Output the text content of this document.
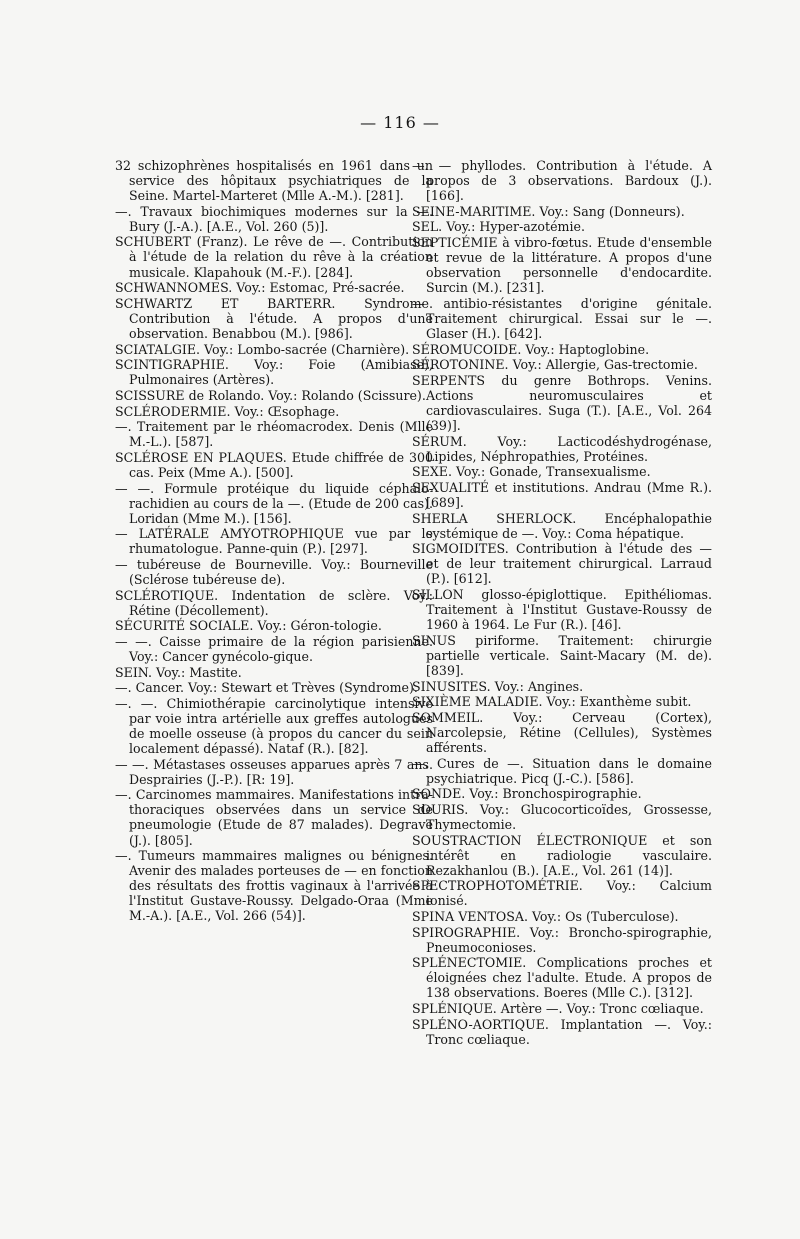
— 116 —

32 schizophrènes hospitalisés en 1961 dans un service des hôpitaux psychiatriques de la Seine. Martel-Marteret (Mlle A.-M.). [281].

—. Travaux biochimiques modernes sur la —. Bury (J.-A.). [A.E., Vol. 260 (5)].

SCHUBERT (Franz). Le rêve de —. Contribution à l'étude de la relation du rêve à la création musicale. Klapahouk (M.-F.). [284].

SCHWANNOMES. Voy.: Estomac, Pré-sacrée.

SCHWARTZ ET BARTERR. Syndrome. Contribution à l'étude. A propos d'une observation. Benabbou (M.). [986].

SCIATALGIE. Voy.: Lombo-sacrée (Charnière).

SCINTIGRAPHIE. Voy.: Foie (Amibiase), Pulmonaires (Artères).

SCISSURE de Rolando. Voy.: Rolando (Scissure).

SCLÉRODERMIE. Voy.: Œsophage.

—. Traitement par le rhéomacrodex. Denis (Mlle M.-L.). [587].

SCLÉROSE EN PLAQUES. Etude chiffrée de 300 cas. Peix (Mme A.). [500].

— —. Formule protéique du liquide céphalo-rachidien au cours de la —. (Etude de 200 cas). Loridan (Mme M.). [156].

— LATÉRALE AMYOTROPHIQUE vue par le rhumatologue. Panne-quin (P.). [297].

— tubéreuse de Bourneville. Voy.: Bourneville (Sclérose tubéreuse de).

SCLÉROTIQUE. Indentation de sclère. Voy.: Rétine (Décollement).

SÉCURITÉ SOCIALE. Voy.: Géron-tologie.

— —. Caisse primaire de la région parisienne. Voy.: Cancer gynécolo-gique.

SEIN. Voy.: Mastite.

—. Cancer. Voy.: Stewart et Trèves (Syndrome).

—. —. Chimiothérapie carcinolytique intensive par voie intra artérielle aux greffes autologues de moelle osseuse (à propos du cancer du sein localement dépassé). Nataf (R.). [82].

— —. Métastases osseuses apparues après 7 ans. Desprairies (J.-P.). [R: 19].

—. Carcinomes mammaires. Manifestations intra-thoraciques observées dans un service de pneumologie (Etude de 87 malades). Degrave (J.). [805].

—. Tumeurs mammaires malignes ou bénignes. Avenir des malades porteuses de — en fonction des résultats des frottis vaginaux à l'arrivée à l'Institut Gustave-Roussy. Delgado-Oraa (Mme M.-A.). [A.E., Vol. 266 (54)].

—. — phyllodes. Contribution à l'étude. A propos de 3 observations. Bardoux (J.). [166].

SEINE-MARITIME. Voy.: Sang (Donneurs).

SEL. Voy.: Hyper-azotémie.

SEPTICÉMIE à vibro-fœtus. Etude d'ensemble et revue de la littérature. A propos d'une observation personnelle d'endocardite. Surcin (M.). [231].

— antibio-résistantes d'origine génitale. Traitement chirurgical. Essai sur le —. Glaser (H.). [642].

SÉROMUCOIDE. Voy.: Haptoglobine.

SÉROTONINE. Voy.: Allergie, Gas-trectomie.

SERPENTS du genre Bothrops. Venins. Actions neuromusculaires et cardiovasculaires. Suga (T.). [A.E., Vol. 264 (39)].

SÉRUM. Voy.: Lacticodéshydrogénase, Lipides, Néphropathies, Protéines.

SEXE. Voy.: Gonade, Transexualisme.

SEXUALITÉ et institutions. Andrau (Mme R.). [689].

SHERLA SHERLOCK. Encéphalopathie systémique de —. Voy.: Coma hépatique.

SIGMOIDITES. Contribution à l'étude des — et de leur traitement chirurgical. Larraud (P.). [612].

SILLON glosso-épiglottique. Epithéliomas. Traitement à l'Institut Gustave-Roussy de 1960 à 1964. Le Fur (R.). [46].

SINUS piriforme. Traitement: chirurgie partielle verticale. Saint-Macary (M. de). [839].

SINUSITES. Voy.: Angines.

SIXIÈME MALADIE. Voy.: Exanthème subit.

SOMMEIL. Voy.: Cerveau (Cortex), Narcolepsie, Rétine (Cellules), Systèmes afférents.

—. Cures de —. Situation dans le domaine psychiatrique. Picq (J.-C.). [586].

SONDE. Voy.: Bronchospirographie.

SOURIS. Voy.: Glucocorticoïdes, Grossesse, Thymectomie.

SOUSTRACTION ÉLECTRONIQUE et son intérêt en radiologie vasculaire. Rezakhanlou (B.). [A.E., Vol. 261 (14)].

SPECTROPHOTOMÉTRIE. Voy.: Calcium ionisé.

SPINA VENTOSA. Voy.: Os (Tuberculose).

SPIROGRAPHIE. Voy.: Broncho-spirographie, Pneumoconioses.

SPLÉNECTOMIE. Complications proches et éloignées chez l'adulte. Etude. A propos de 138 observations. Boeres (Mlle C.). [312].

SPLÉNIQUE. Artère —. Voy.: Tronc cœliaque.

SPLÉNO-AORTIQUE. Implantation —. Voy.: Tronc cœliaque.
